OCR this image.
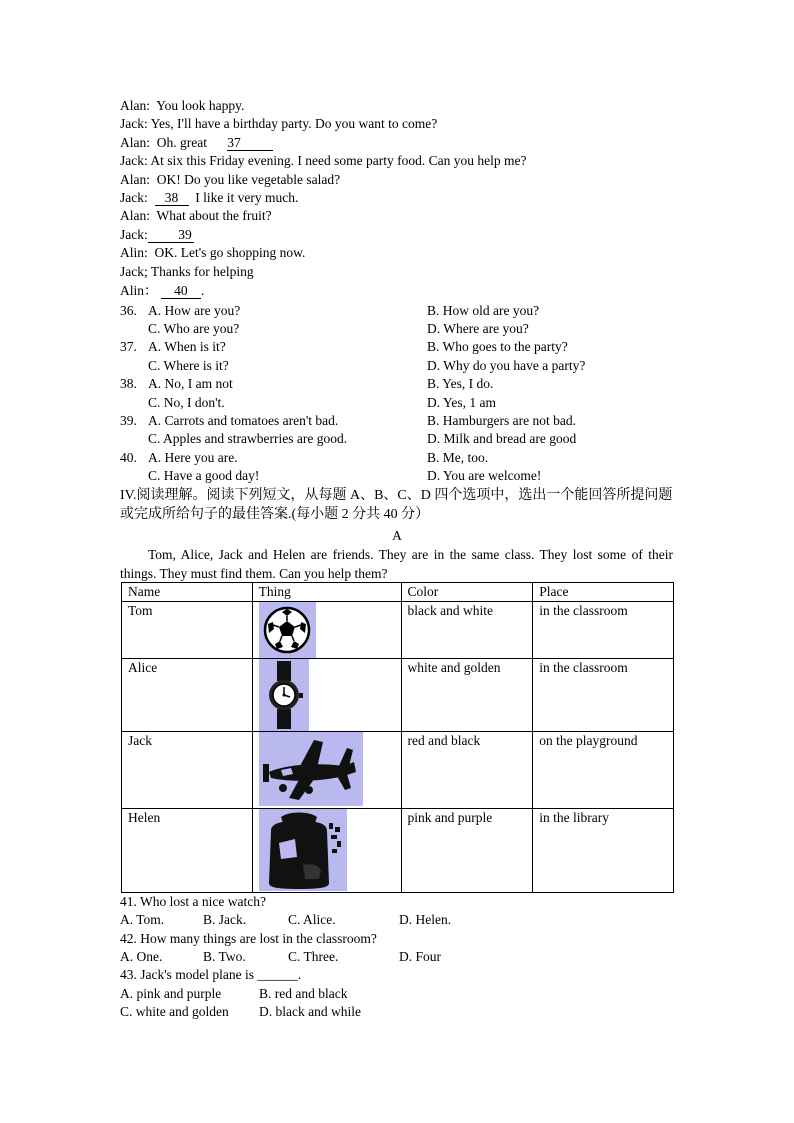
Alan: You look happy.
Jack: Yes, I'll have a birthday party. Do you want to come?
Alan: Oh. great 37
Jack: At six this Friday evening. I need some party food. Can you help me?
Alan: OK! Do you like vegetable salad?
Jack: 38 I like it very much.
Alan: What about the fruit?
Jack: 39
Alin: OK. Let's go shopping now.
Jack; Thanks for helping
Alin： 40 .
36. A. How are you?	B. How old are you?
C. Who are you?	D. Where are you?
37. A. When is it?	B. Who goes to the party?
C. Where is it?	D. Why do you have a party?
38. A. No, I am not	B. Yes, I do.
C. No, I don't.	D. Yes, 1 am
39. A. Carrots and tomatoes aren't bad.	B. Hamburgers are not bad.
C. Apples and strawberries are good.	D. Milk and bread are good
40. A. Here you are.	B. Me, too.
C. Have a good day!	D. You are welcome!
IV.阅读理解。阅读下列短文，从每题 A、B、C、D 四个选项中，选出一个能回答所提问题或完成所给句子的最佳答案.(每小题 2 分共 40 分）
A
Tom, Alice, Jack and Helen are friends. They are in the same class. They lost some of their things. They must find them. Can you help them?
Name	Thing	Color	Place
Tom		black and white	in the classroom
Alice		white and golden	in the classroom
Jack		red and black	on the playground
Helen		pink and purple	in the library
41. Who lost a nice watch?
A. Tom.	B. Jack.	C. Alice.	D. Helen.
42. How many things are lost in the classroom?
A. One.	B. Two.	C. Three.	D. Four
43. Jack's model plane is ______.
A. pink and purple	B. red and black
C. white and golden D. black and while
